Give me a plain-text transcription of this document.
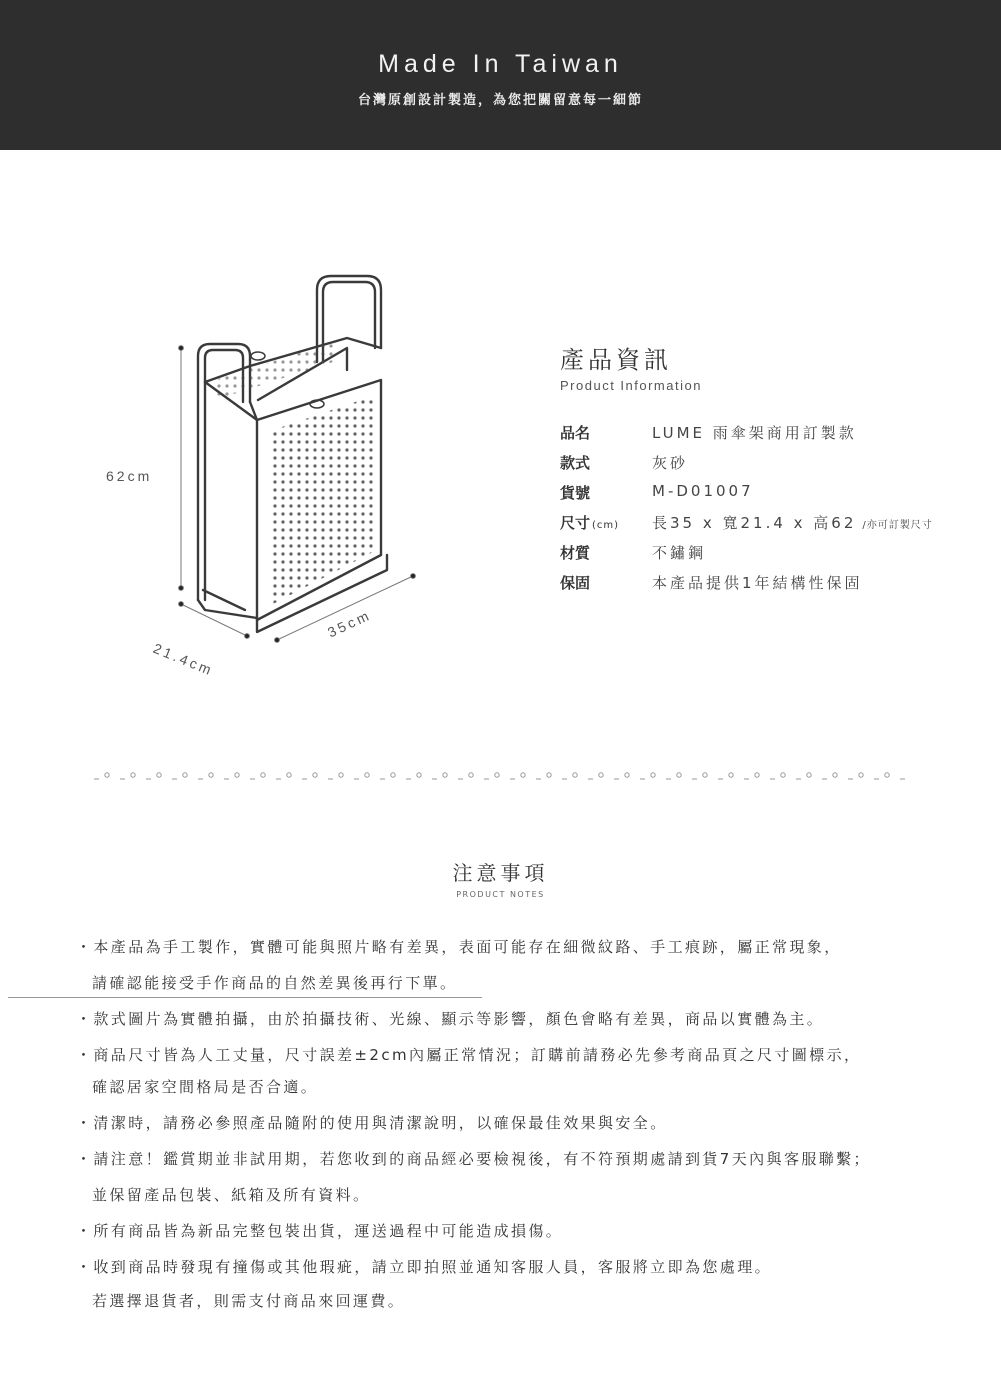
Made In Taiwan
台灣原創設計製造，為您把關留意每一細節
62cm
21.4cm
35cm
產品資訊
Product Information
品名	LUME 雨傘架商用訂製款
款式	灰砂
貨號	M-D01007
尺寸 (cm) 長35 x 寬21.4 x 高62 /亦可訂製尺寸
材質	不鏽鋼
保固	本產品提供1年結構性保固
注意事項
PRODUCT NOTES
・本產品為手工製作，實體可能與照片略有差異，表面可能存在細微紋路、手工痕跡，屬正常現象，
請確認能接受手作商品的自然差異後再行下單。
・款式圖片為實體拍攝，由於拍攝技術、光線、顯示等影響，顏色會略有差異，商品以實體為主。
・商品尺寸皆為人工丈量，尺寸誤差±2cm內屬正常情況；訂購前請務必先參考商品頁之尺寸圖標示，
確認居家空間格局是否合適。
・清潔時，請務必參照產品隨附的使用與清潔說明，以確保最佳效果與安全。
・請注意！鑑賞期並非試用期，若您收到的商品經必要檢視後，有不符預期處請到貨7天內與客服聯繫；
並保留產品包裝、紙箱及所有資料。
・所有商品皆為新品完整包裝出貨，運送過程中可能造成損傷。
・收到商品時發現有撞傷或其他瑕疵，請立即拍照並通知客服人員，客服將立即為您處理。
若選擇退貨者，則需支付商品來回運費。
